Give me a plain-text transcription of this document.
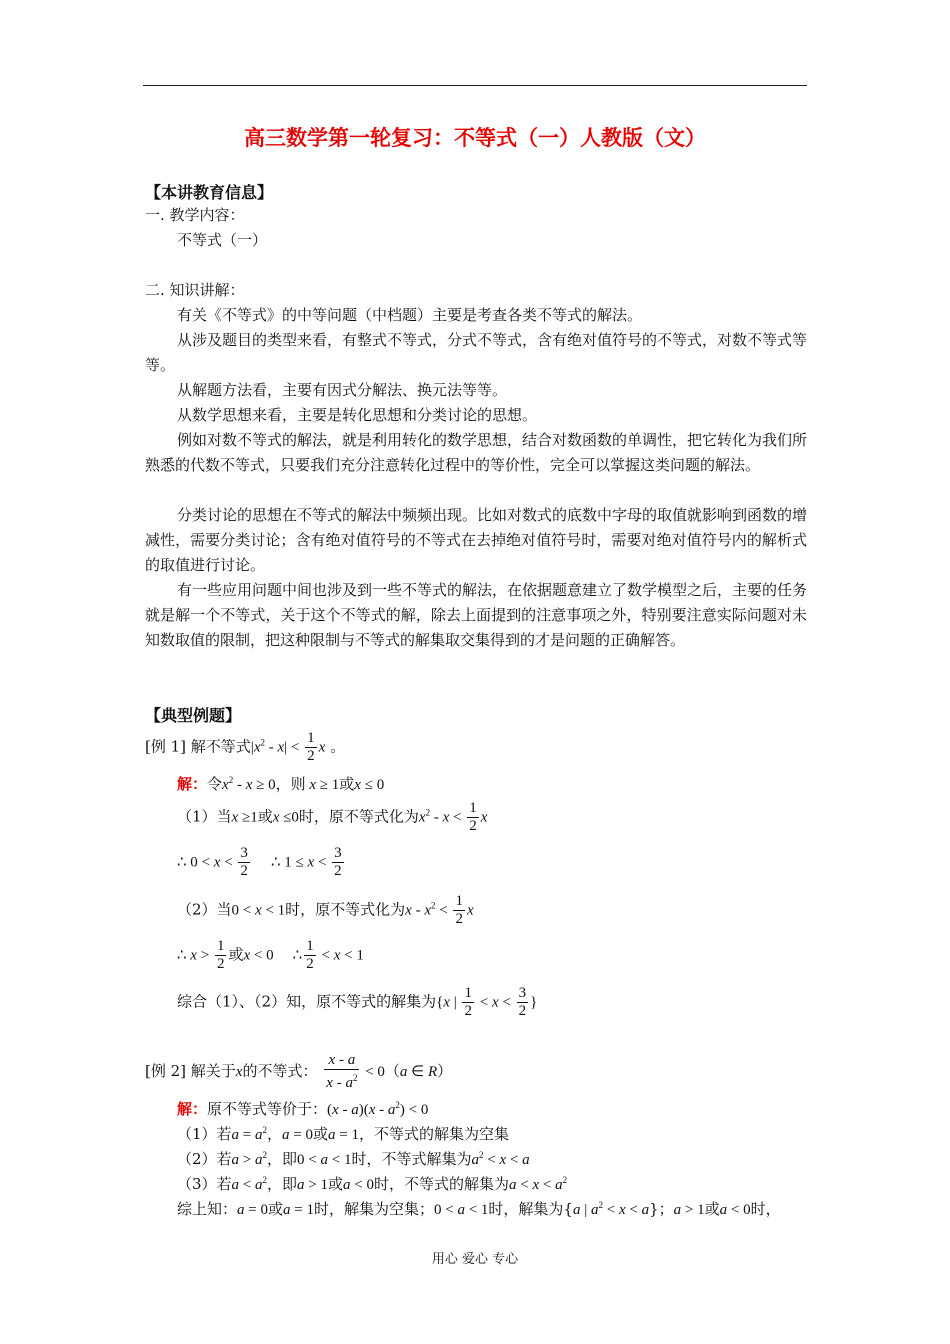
高三数学第一轮复习：不等式（一）人教版（文）
【本讲教育信息】
一. 教学内容：
不等式（一）
二. 知识讲解：
有关《不等式》的中等问题（中档题）主要是考查各类不等式的解法。
从涉及题目的类型来看，有整式不等式，分式不等式，含有绝对值符号的不等式，对数不等式等等。
从解题方法看，主要有因式分解法、换元法等等。
从数学思想来看，主要是转化思想和分类讨论的思想。
例如对数不等式的解法，就是利用转化的数学思想，结合对数函数的单调性，把它转化为我们所熟悉的代数不等式，只要我们充分注意转化过程中的等价性，完全可以掌握这类问题的解法。
分类讨论的思想在不等式的解法中频频出现。比如对数式的底数中字母的取值就影响到函数的增减性，需要分类讨论；含有绝对值符号的不等式在去掉绝对值符号时，需要对绝对值符号内的解析式的取值进行讨论。
有一些应用问题中间也涉及到一些不等式的解法，在依据题意建立了数学模型之后，主要的任务就是解一个不等式，关于这个不等式的解，除去上面提到的注意事项之外，特别要注意实际问题对未知数取值的限制，把这种限制与不等式的解集取交集得到的才是问题的正确解答。
【典型例题】
[例 1] 解不等式$|x^2 - x| < \frac{1}{2}$ x 。
解：令$x^2 - x \ge 0$，则 x ≥ 1或x ≤ 0
（1）当x ≥1或x ≤0时，原不等式化为$x^2 - x < \frac{1}{2}$ x
∴ $0 < x < \frac{3}{2}$ ∴ $1 \le x < \frac{3}{2}$
（2）当0 < x < 1时，原不等式化为$x - x^2 < \frac{1}{2}$ x
∴ $x > \frac{1}{2}$ 或x < 0 ∴ $\frac{1}{2} < x < 1$
综合（1）、（2）知，原不等式的解集为{x | $\frac{1}{2} < x < \frac{3}{2}$ }
[例 2] 解关于x的不等式： $\frac{x - a}{x - a^2} < 0(a$ ∈ R）
解：原不等式等价于：$(x - a)(x - a^2) < 0$
（1）若$a = a^2$，a = 0或a = 1，不等式的解集为空集
（2）若$a > a^2$，即0 < a < 1时，不等式解集为$a^2 < x < a$
（3）若$a < a^2$，即a > 1或a < 0时，不等式的解集为$a < x < a^2$
综上知：a = 0或a = 1时，解集为空集；0 < a < 1时，解集为{a | $a^2 < x < a$}；a > 1或a < 0时，
用心 爱心 专心
